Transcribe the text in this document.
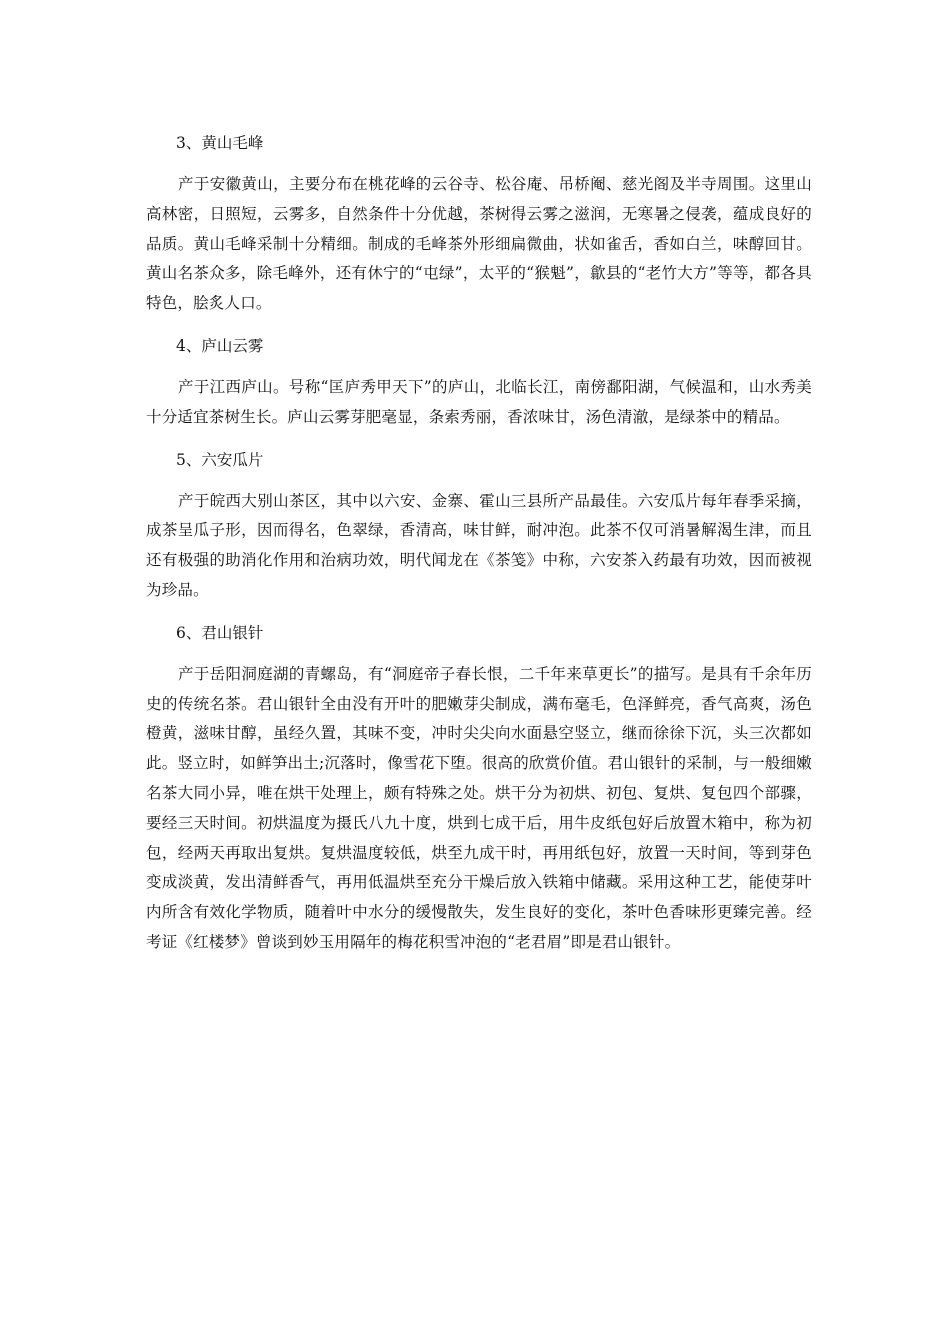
3、黄山毛峰

产于安徽黄山，主要分布在桃花峰的云谷寺、松谷庵、吊桥阉、慈光阁及半寺周围。这里山高林密，日照短，云雾多，自然条件十分优越，茶树得云雾之滋润，无寒暑之侵袭，蕴成良好的品质。黄山毛峰采制十分精细。制成的毛峰茶外形细扁微曲，状如雀舌，香如白兰，味醇回甘。黄山名茶众多，除毛峰外，还有休宁的“屯绿”，太平的“猴魁”，歙县的“老竹大方”等等，都各具特色，脍炙人口。

4、庐山云雾

产于江西庐山。号称“匡庐秀甲天下”的庐山，北临长江，南傍鄱阳湖，气候温和，山水秀美十分适宜茶树生长。庐山云雾芽肥毫显，条索秀丽，香浓味甘，汤色清澈，是绿茶中的精品。

5、六安瓜片

产于皖西大别山茶区，其中以六安、金寨、霍山三县所产品最佳。六安瓜片每年春季采摘，成茶呈瓜子形，因而得名，色翠绿，香清高，味甘鲜，耐冲泡。此茶不仅可消暑解渴生津，而且还有极强的助消化作用和治病功效，明代闻龙在《茶笺》中称，六安茶入药最有功效，因而被视为珍品。

6、君山银针

产于岳阳洞庭湖的青螺岛，有“洞庭帝子春长恨，二千年来草更长”的描写。是具有千余年历史的传统名茶。君山银针全由没有开叶的肥嫩芽尖制成，满布毫毛，色泽鲜亮，香气高爽，汤色橙黄，滋味甘醇，虽经久置，其味不变，冲时尖尖向水面悬空竖立，继而徐徐下沉，头三次都如此。竖立时，如鲜笋出土;沉落时，像雪花下堕。很高的欣赏价值。君山银针的采制，与一般细嫩名茶大同小异，唯在烘干处理上，颇有特殊之处。烘干分为初烘、初包、复烘、复包四个部骤，要经三天时间。初烘温度为摄氏八九十度，烘到七成干后，用牛皮纸包好后放置木箱中，称为初包，经两天再取出复烘。复烘温度较低，烘至九成干时，再用纸包好，放置一天时间，等到芽色变成淡黄，发出清鲜香气，再用低温烘至充分干燥后放入铁箱中储藏。采用这种工艺，能使芽叶内所含有效化学物质，随着叶中水分的缓慢散失，发生良好的变化，茶叶色香味形更臻完善。经考证《红楼梦》曾谈到妙玉用隔年的梅花积雪冲泡的“老君眉”即是君山银针。
